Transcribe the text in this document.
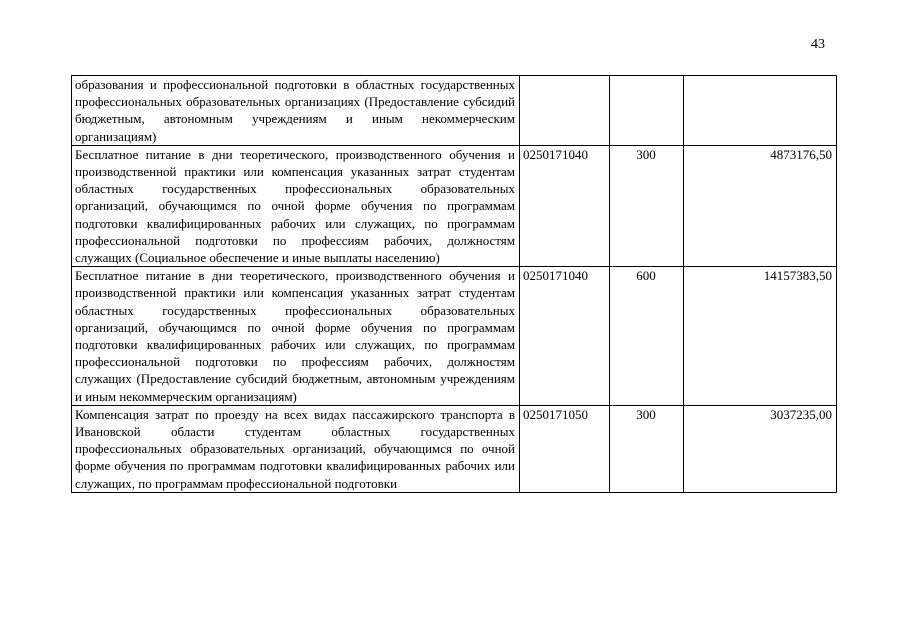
43
образования и профессиональной подготовки в областных государственных профессиональных образовательных организациях (Предоставление субсидий бюджетным, автономным учреждениям и иным некоммерческим организациям)			
Бесплатное питание в дни теоретического, производственного обучения и производственной практики или компенсация указанных затрат студентам областных государственных профессиональных образовательных организаций, обучающимся по очной форме обучения по программам подготовки квалифицированных рабочих или служащих, по программам профессиональной подготовки по профессиям рабочих, должностям служащих (Социальное обеспечение и иные выплаты населению)	0250171040	300	4873176,50
Бесплатное питание в дни теоретического, производственного обучения и производственной практики или компенсация указанных затрат студентам областных государственных профессиональных образовательных организаций, обучающимся по очной форме обучения по программам подготовки квалифицированных рабочих или служащих, по программам профессиональной подготовки по профессиям рабочих, должностям служащих (Предоставление субсидий бюджетным, автономным учреждениям и иным некоммерческим организациям)	0250171040	600	14157383,50
Компенсация затрат по проезду на всех видах пассажирского транспорта в Ивановской области студентам областных государственных профессиональных образовательных организаций, обучающимся по очной форме обучения по программам подготовки квалифицированных рабочих или служащих, по программам профессиональной подготовки	0250171050	300	3037235,00
